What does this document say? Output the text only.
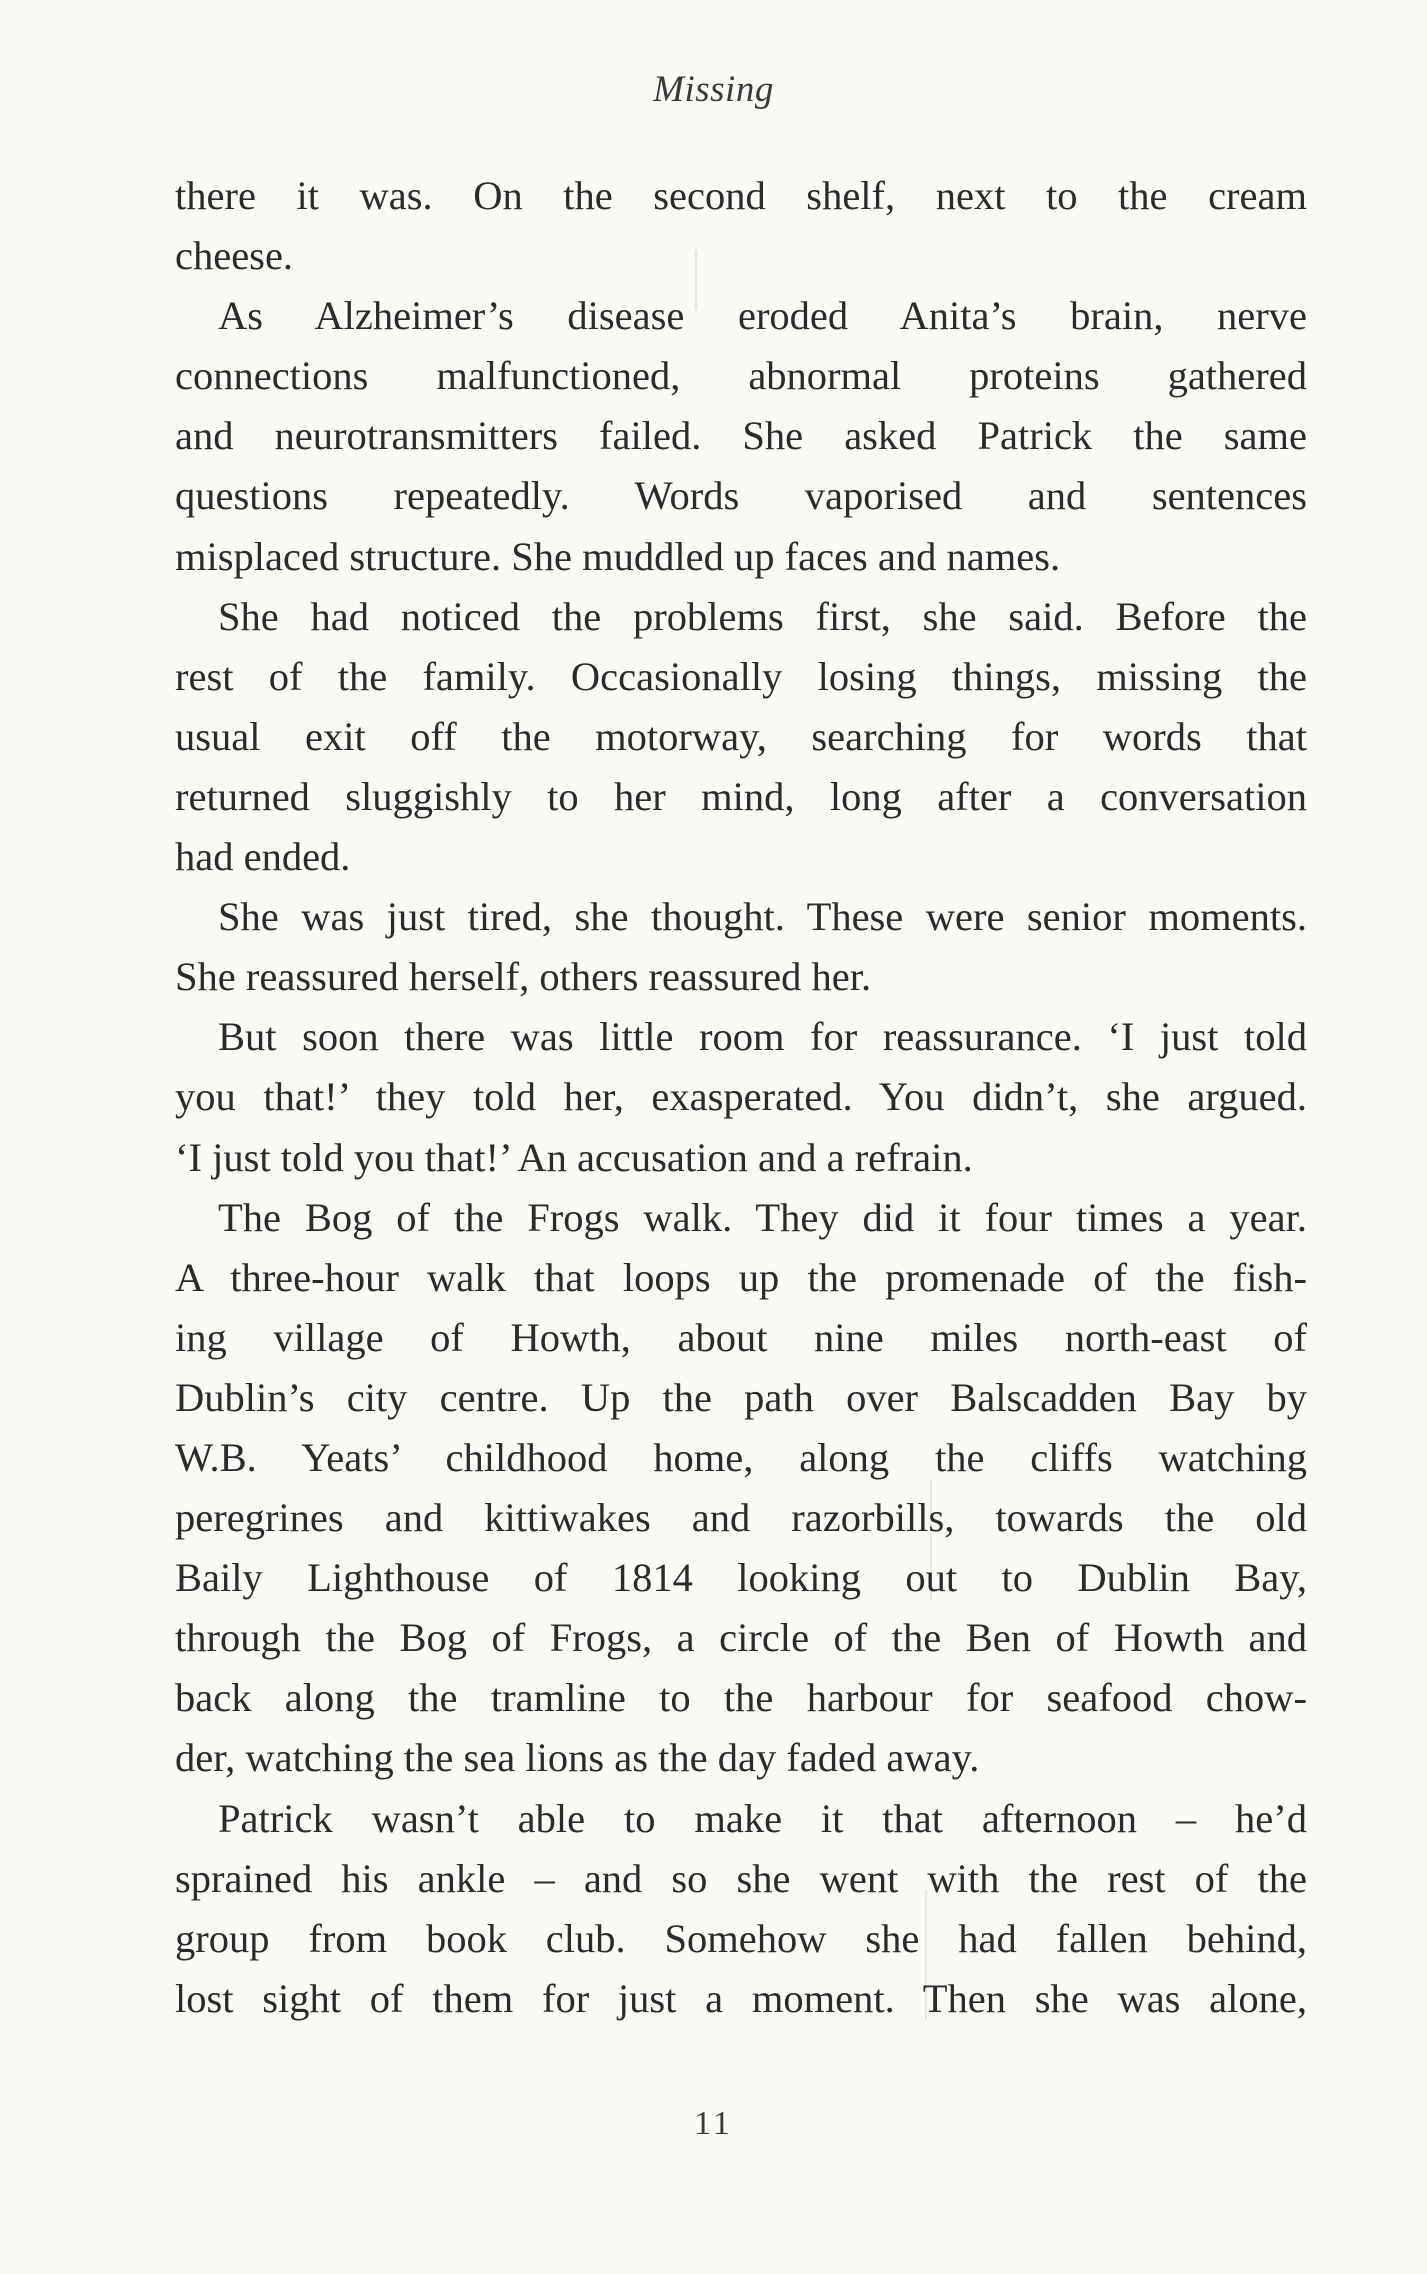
Missing
there it was. On the second shelf, next to the cream
cheese.
As Alzheimer’s disease eroded Anita’s brain, nerve
connections malfunctioned, abnormal proteins gathered
and neurotransmitters failed. She asked Patrick the same
questions repeatedly. Words vaporised and sentences
misplaced structure. She muddled up faces and names.
She had noticed the problems first, she said. Before the
rest of the family. Occasionally losing things, missing the
usual exit off the motorway, searching for words that
returned sluggishly to her mind, long after a conversation
had ended.
She was just tired, she thought. These were senior moments.
She reassured herself, others reassured her.
But soon there was little room for reassurance. ‘I just told
you that!’ they told her, exasperated. You didn’t, she argued.
‘I just told you that!’ An accusation and a refrain.
The Bog of the Frogs walk. They did it four times a year.
A three-hour walk that loops up the promenade of the fish-
ing village of Howth, about nine miles north-east of
Dublin’s city centre. Up the path over Balscadden Bay by
W.B. Yeats’ childhood home, along the cliffs watching
peregrines and kittiwakes and razorbills, towards the old
Baily Lighthouse of 1814 looking out to Dublin Bay,
through the Bog of Frogs, a circle of the Ben of Howth and
back along the tramline to the harbour for seafood chow-
der, watching the sea lions as the day faded away.
Patrick wasn’t able to make it that afternoon – he’d
sprained his ankle – and so she went with the rest of the
group from book club. Somehow she had fallen behind,
lost sight of them for just a moment. Then she was alone,
11
